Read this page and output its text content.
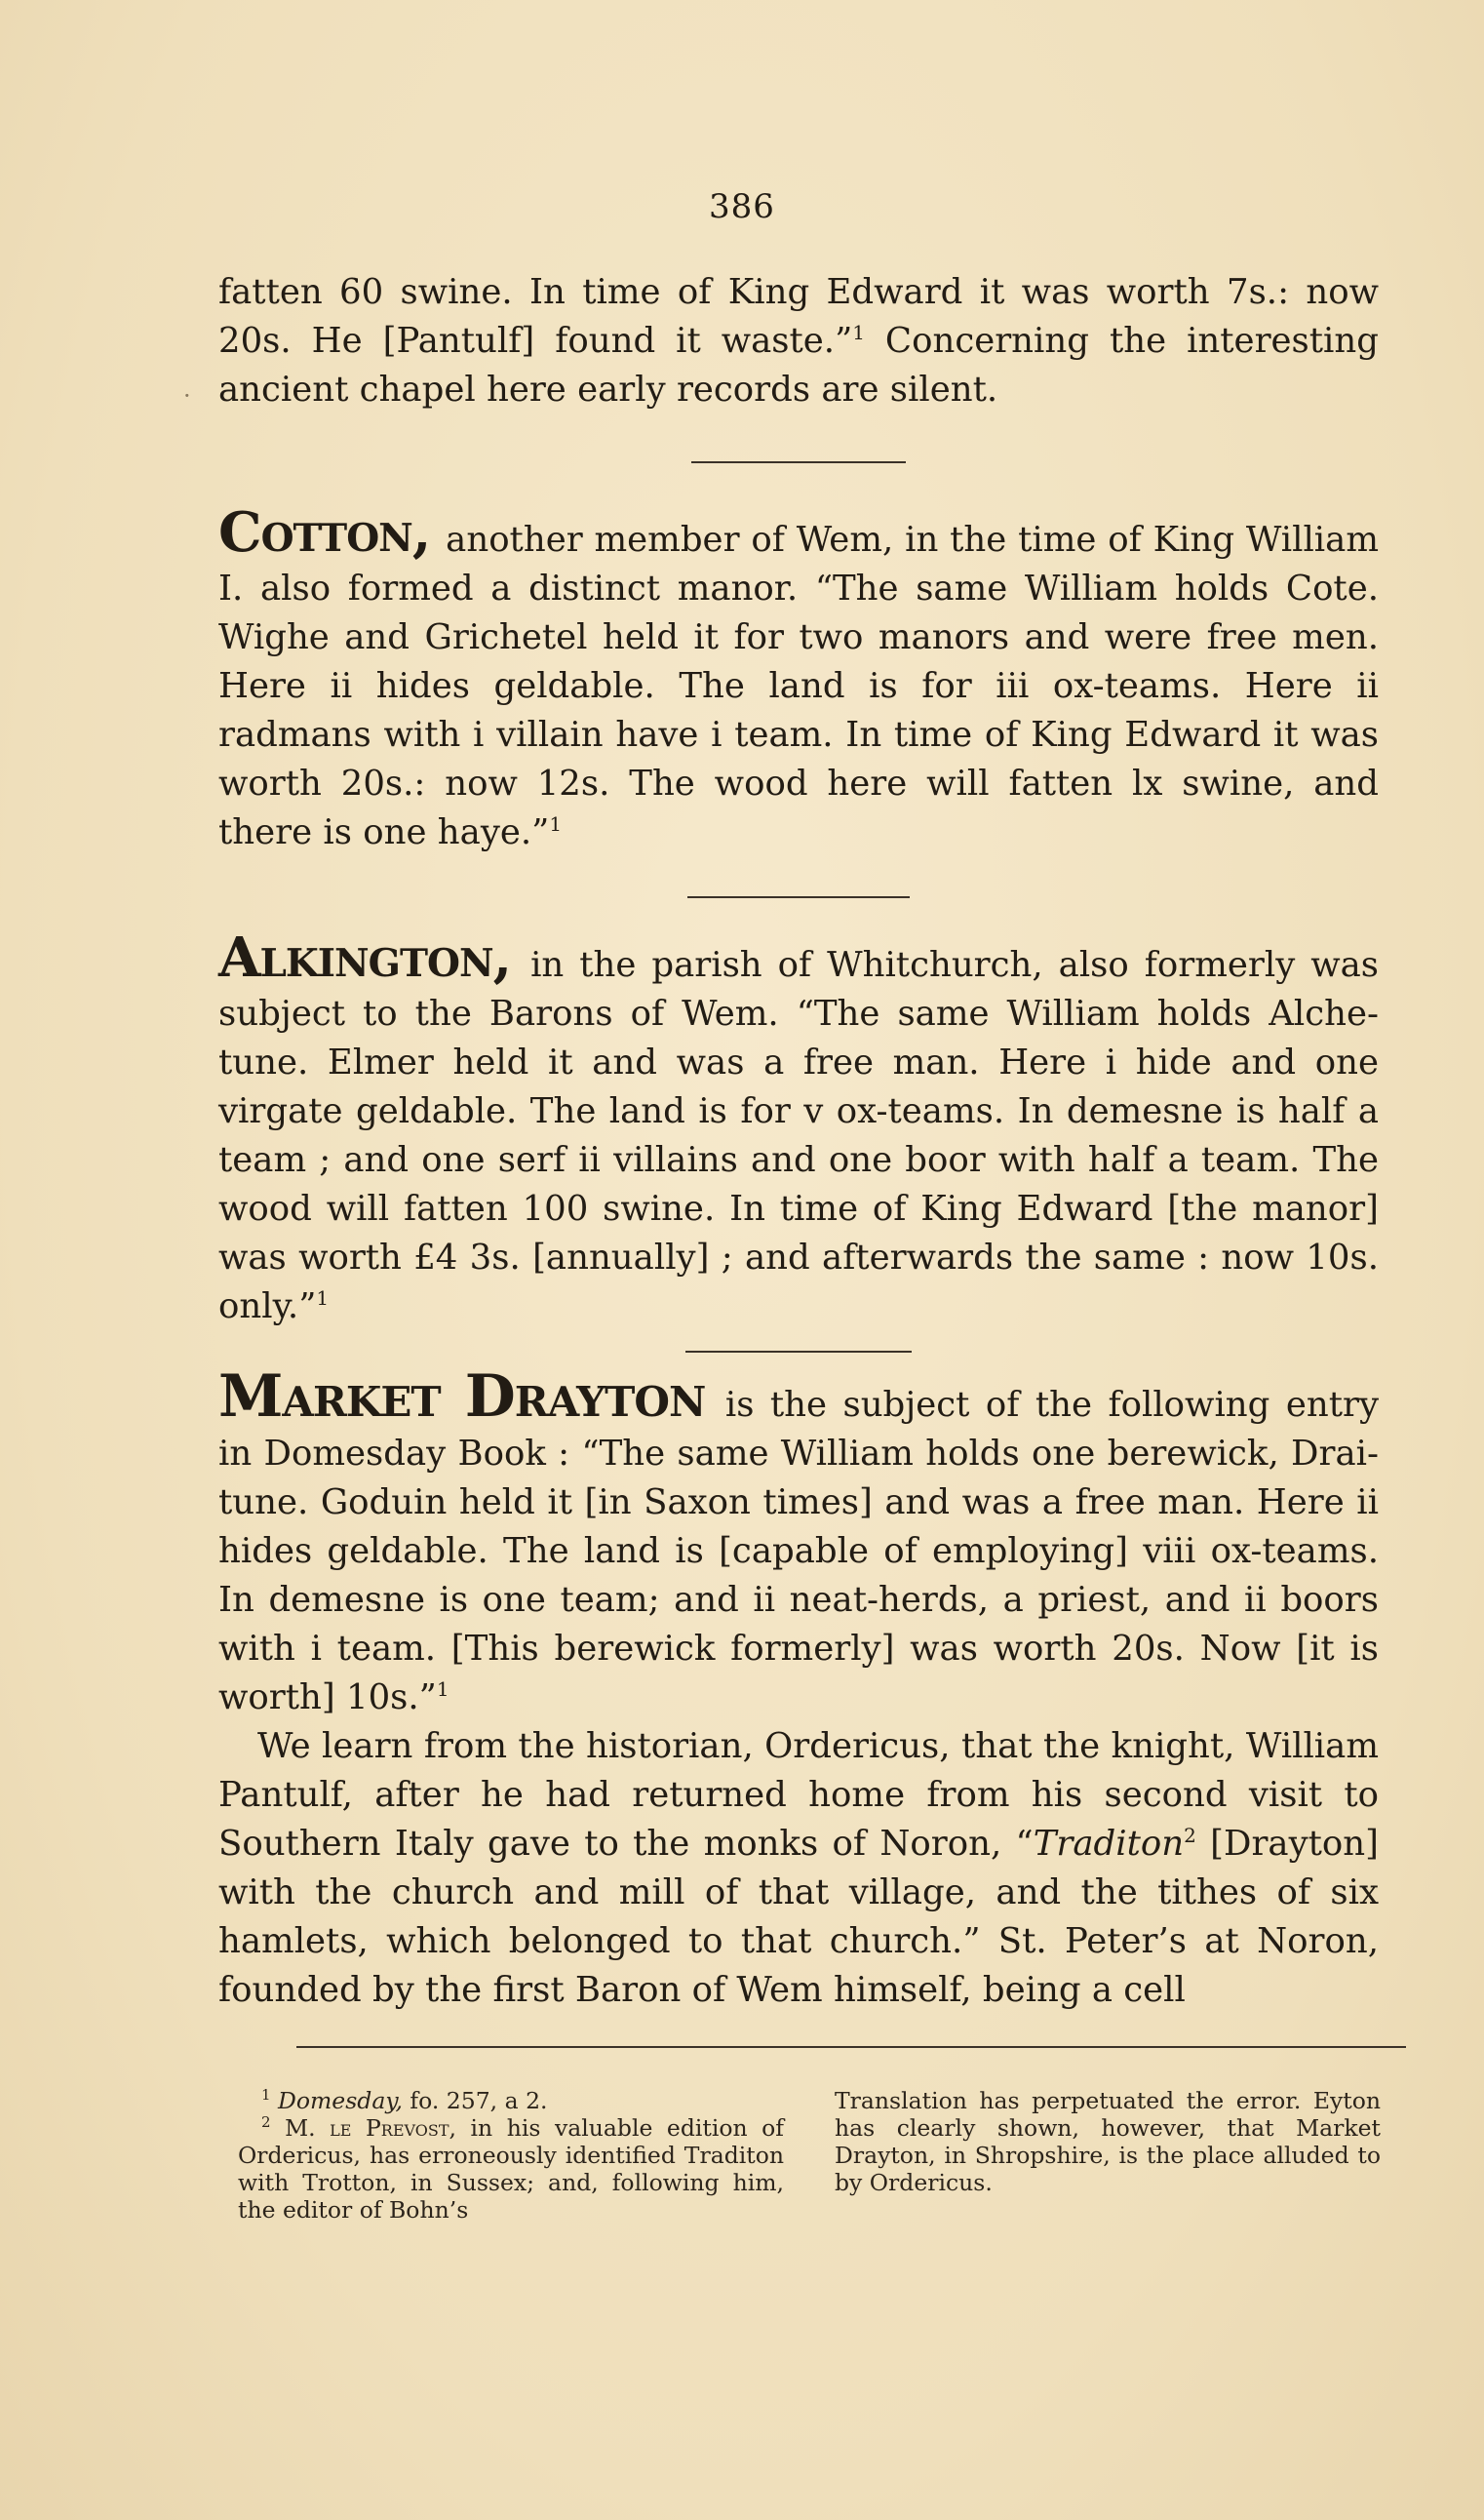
386
·

fatten 60 swine. In time of King Edward it was worth 7s.: now 20s. He [Pantulf] found it waste.”$^1$ Concerning the interesting ancient chapel here early records are silent.

Cotton, another member of Wem, in the time of King William I. also formed a distinct manor. “The same William holds Cote. Wighe and Grichetel held it for two manors and were free men. Here ii hides geldable. The land is for iii ox-teams. Here ii radmans with i villain have i team. In time of King Edward it was worth 20s.: now 12s. The wood here will fatten lx swine, and there is one haye.”$^1$

Alkington, in the parish of Whitchurch, also formerly was subject to the Barons of Wem. “The same William holds Alche-tune. Elmer held it and was a free man. Here i hide and one virgate geldable. The land is for v ox-teams. In demesne is half a team ; and one serf ii villains and one boor with half a team. The wood will fatten 100 swine. In time of King Edward [the manor] was worth £4 3s. [annually] ; and afterwards the same : now 10s. only.”$^1$

Market Drayton is the subject of the following entry in Domesday Book : “The same William holds one berewick, Drai-tune. Goduin held it [in Saxon times] and was a free man. Here ii hides geldable. The land is [capable of employing] viii ox-teams. In demesne is one team; and ii neat-herds, a priest, and ii boors with i team. [This berewick formerly] was worth 20s. Now [it is worth] 10s.”$^1$

We learn from the historian, Ordericus, that the knight, William Pantulf, after he had returned home from his second visit to Southern Italy gave to the monks of Noron, “Traditon$^2$ [Drayton] with the church and mill of that village, and the tithes of six hamlets, which belonged to that church.” St. Peter’s at Noron, founded by the first Baron of Wem himself, being a cell

$^1$ Domesday, fo. 257, a 2.
$^2$ M. le Prevost, in his valuable edition of Ordericus, has erroneously identified Traditon with Trotton, in Sussex; and, following him, the editor of Bohn’s
Translation has perpetuated the error. Eyton has clearly shown, however, that Market Drayton, in Shropshire, is the place alluded to by Ordericus.
